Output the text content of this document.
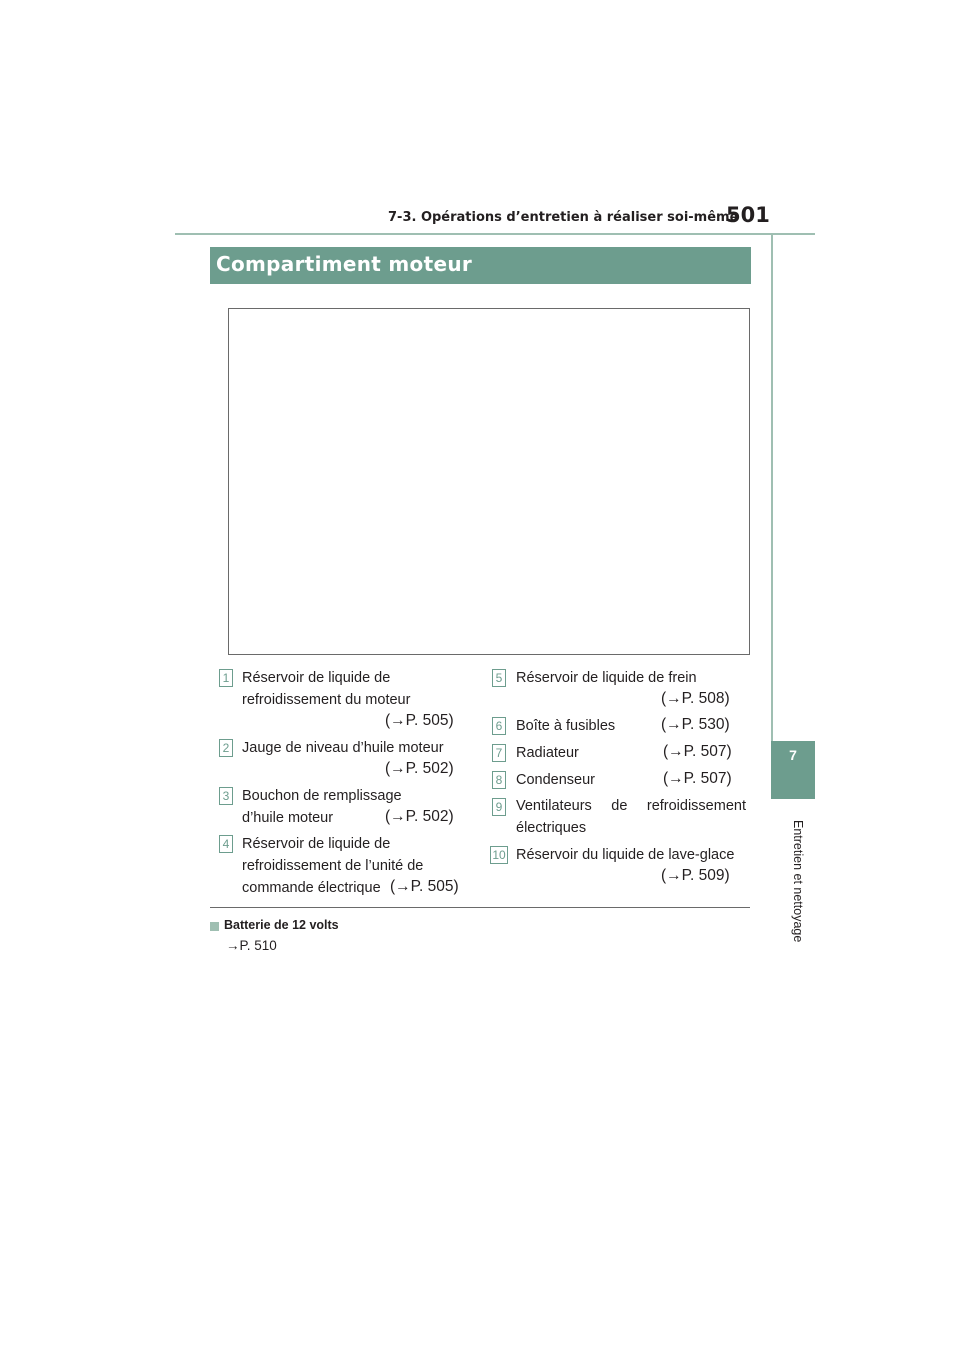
7-3. Opérations d’entretien à réaliser soi-même
501
7
Entretien et nettoyage
Compartiment moteur
1 Réservoir de liquide de
refroidissement du moteur
(→P. 505)
2 Jauge de niveau d’huile moteur
(→P. 502)
3 Bouchon de remplissage
d’huile moteur	(→P. 502)
4 Réservoir de liquide de
refroidissement de l’unité de
commande électrique (→P. 505)
5 Réservoir de liquide de frein
(→P. 508)
6 Boîte à fusibles	(→P. 530)
7 Radiateur	(→P. 507)
8 Condenseur	(→P. 507)
9 Ventilateurs de refroidissement
électriques
10 Réservoir du liquide de lave-glace
(→P. 509)
Batterie de 12 volts
→P. 510
